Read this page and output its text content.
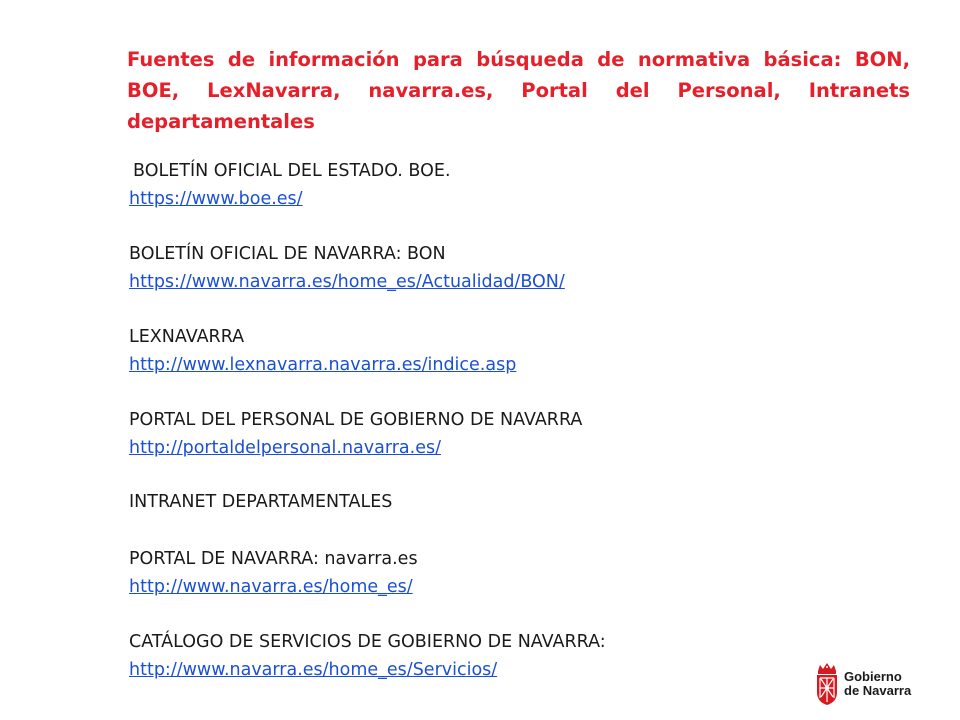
Fuentes de información para búsqueda de normativa básica: BON, BOE, LexNavarra, navarra.es, Portal del Personal, Intranets departamentales
BOLETÍN OFICIAL DEL ESTADO. BOE.
https://www.boe.es/
BOLETÍN OFICIAL DE NAVARRA: BON
https://www.navarra.es/home_es/Actualidad/BON/
LEXNAVARRA
http://www.lexnavarra.navarra.es/indice.asp
PORTAL DEL PERSONAL DE GOBIERNO DE NAVARRA
http://portaldelpersonal.navarra.es/
INTRANET DEPARTAMENTALES
PORTAL DE NAVARRA: navarra.es
http://www.navarra.es/home_es/
CATÁLOGO DE SERVICIOS DE GOBIERNO DE NAVARRA:
http://www.navarra.es/home_es/Servicios/	Gobierno
de Navarra
